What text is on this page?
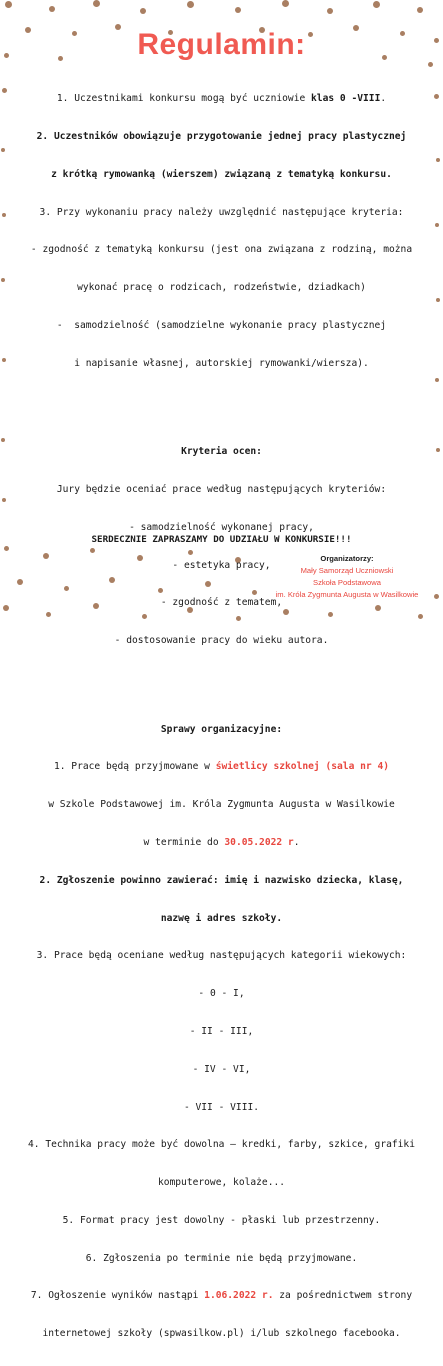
Regulamin:

1. Uczestnikami konkursu mogą być uczniowie klas 0 -VIII.

2. Uczestników obowiązuje przygotowanie jednej pracy plastycznej

z krótką rymowanką (wierszem) związaną z tematyką konkursu.

3. Przy wykonaniu pracy należy uwzględnić następujące kryteria:

- zgodność z tematyką konkursu (jest ona związana z rodziną, można

wykonać pracę o rodzicach, rodzeństwie, dziadkach)

-  samodzielność (samodzielne wykonanie pracy plastycznej

i napisanie własnej, autorskiej rymowanki/wiersza).

Kryteria ocen:

Jury będzie oceniać prace według następujących kryteriów:

- samodzielność wykonanej pracy,

- estetyka pracy,

- zgodność z tematem,

- dostosowanie pracy do wieku autora.

Sprawy organizacyjne:

1. Prace będą przyjmowane w świetlicy szkolnej (sala nr 4)

w Szkole Podstawowej im. Króla Zygmunta Augusta w Wasilkowie

w terminie do 30.05.2022 r.

2. Zgłoszenie powinno zawierać: imię i nazwisko dziecka, klasę,

nazwę i adres szkoły.

3. Prace będą oceniane według następujących kategorii wiekowych:

- 0 - I,

- II - III,

- IV - VI,

- VII - VIII.

4. Technika pracy może być dowolna – kredki, farby, szkice, grafiki

komputerowe, kolaże...

5. Format pracy jest dowolny - płaski lub przestrzenny.

6. Zgłoszenia po terminie nie będą przyjmowane.

7. Ogłoszenie wyników nastąpi 1.06.2022 r. za pośrednictwem strony

internetowej szkoły (spwasilkow.pl) i/lub szkolnego facebooka.

SERDECZNIE ZAPRASZAMY DO UDZIAŁU W KONKURSIE!!!
Organizatorzy:
Mały Samorząd Uczniowski
Szkoła Podstawowa
im. Króla Zygmunta Augusta w Wasilkowie
